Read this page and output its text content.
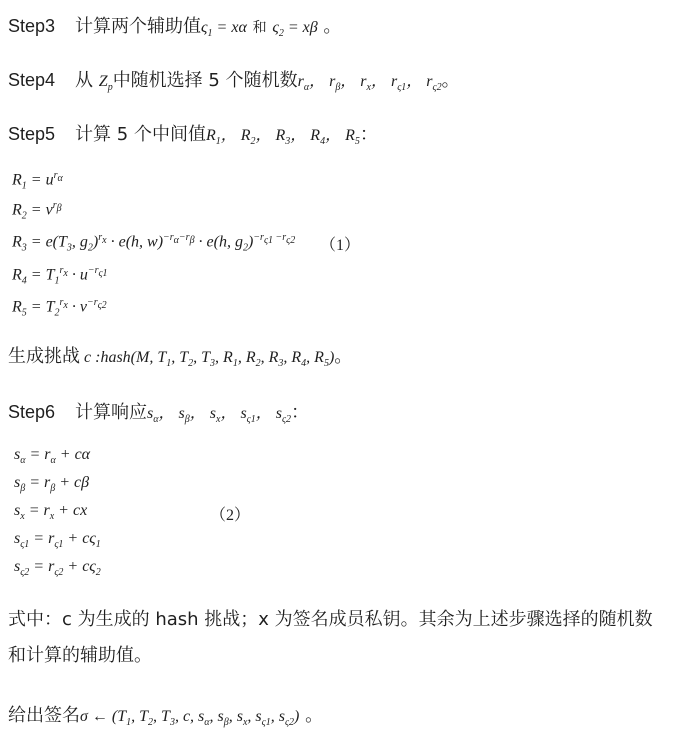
Step3 计算两个辅助值$\varsigma_1 = x\alpha$ 和 $\varsigma_2 = x\beta$ 。
Step4 从 $Z_p$中随机选择 5 个随机数$r_\alpha$， $r_\beta$， $r_x$， $r_{\varsigma 1}$， $r_{\varsigma 2}$。
Step5 计算 5 个中间值$R_1$， $R_2$， $R_3$， $R_4$， $R_5$：
$R_1 = u^{r_\alpha}$
$R_2 = v^{r_\beta}$
$R_3 = e(T_3$, $g_2)^{r_x} \cdot e(h$, w)$^{-r_\alpha-r_\beta}$ · e(h, $g_2)^{-r_{\varsigma 1} -r_{\varsigma 2}}$ （1）
$R_4 = T_1^{r_x} \cdot u^{-r_{\varsigma 1}}$
$R_5 = T_2^{r_x} \cdot v^{-r_{\varsigma 2}}$
生成挑战 c :hash(M, $T_1$, $T_2$, $T_3$, $R_1$, $R_2$, $R_3$, $R_4$, $R_5$)。
Step6 计算响应$s_\alpha$， $s_\beta$， $s_x$， $s_{\varsigma 1}$， $s_{\varsigma 2}$：
$s_\alpha = r_\alpha + c\alpha$
$s_\beta = r_\beta + c\beta$
$s_x = r_x$ + cx	（2）
$s_{\varsigma 1} = r_{\varsigma 1} + c\varsigma_1$
$s_{\varsigma 2} = r_{\varsigma 2} + c\varsigma_2$
式中：c 为生成的 hash 挑战；x 为签名成员私钥。其余为上述步骤选择的随机数和计算的辅助值。
给出签名σ ← ($T_1$, $T_2$, $T_3$, c, $s_\alpha$, $s_\beta$, $s_x$, $s_{\varsigma 1}$, $s_{\varsigma 2}$) 。
